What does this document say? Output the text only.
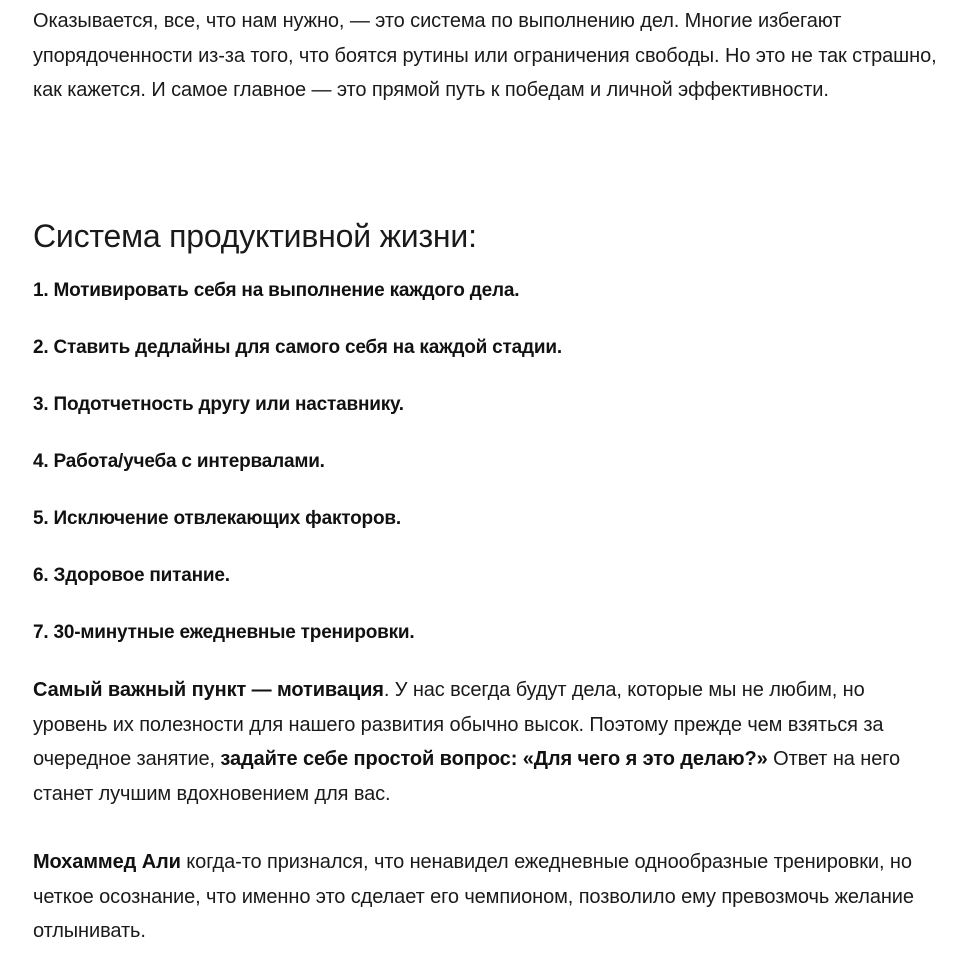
Оказывается, все, что нам нужно, — это система по выполнению дел. Многие избегают упорядоченности из-за того, что боятся рутины или ограничения свободы. Но это не так страшно, как кажется. И самое главное — это прямой путь к победам и личной эффективности.

Система продуктивной жизни:
1. Мотивировать себя на выполнение каждого дела.
2. Ставить дедлайны для самого себя на каждой стадии.
3. Подотчетность другу или наставнику.
4. Работа/учеба с интервалами.
5. Исключение отвлекающих факторов.
6. Здоровое питание.
7. 30-минутные ежедневные тренировки.

Самый важный пункт — мотивация. У нас всегда будут дела, которые мы не любим, но уровень их полезности для нашего развития обычно высок. Поэтому прежде чем взяться за очередное занятие, задайте себе простой вопрос: «Для чего я это делаю?» Ответ на него станет лучшим вдохновением для вас.

Мохаммед Али когда-то признался, что ненавидел ежедневные однообразные тренировки, но четкое осознание, что именно это сделает его чемпионом, позволило ему превозмочь желание отлынивать.
